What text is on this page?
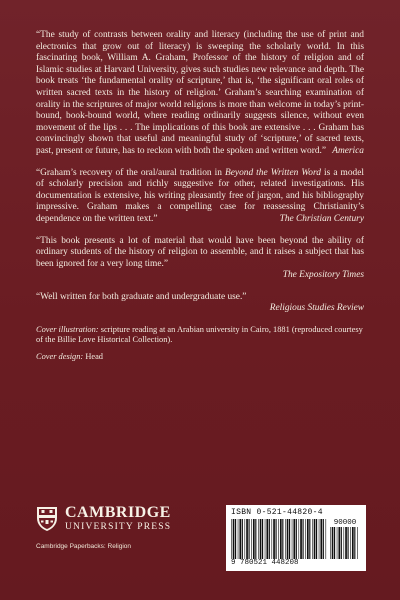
“The study of contrasts between orality and literacy (including the use of print and electronics that grow out of literacy) is sweeping the scholarly world. In this fascinating book, William A. Graham, Professor of the history of religion and of Islamic studies at Harvard University, gives such studies new relevance and depth. The book treats ‘the fundamental orality of scripture,’ that is, ‘the significant oral roles of written sacred texts in the history of religion.’ Graham’s searching examination of orality in the scriptures of major world religions is more than welcome in today’s print-bound, book-bound world, where reading ordinarily suggests silence, without even movement of the lips . . . The implications of this book are extensive . . . Graham has convincingly shown that useful and meaningful study of ‘scripture,’ of sacred texts, past, present or future, has to reckon with both the spoken and written word.” America

“Graham’s recovery of the oral/aural tradition in Beyond the Written Word is a model of scholarly precision and richly suggestive for other, related investigations. His documentation is extensive, his writing pleasantly free of jargon, and his bibliography impressive. Graham makes a compelling case for reassessing Christianity’s dependence on the written text.”	The Christian Century

“This book presents a lot of material that would have been beyond the ability of ordinary students of the history of religion to assemble, and it raises a subject that has been ignored for a very long time.”

The Expository Times

“Well written for both graduate and undergraduate use.”

Religious Studies Review

Cover illustration: scripture reading at an Arabian university in Cairo, 1881 (reproduced courtesy of the Billie Love Historical Collection).

Cover design: Head

CAMBRIDGE
UNIVERSITY PRESS
Cambridge Paperbacks: Religion
ISBN 0-521-44820-4
90000
9 780521 448208
